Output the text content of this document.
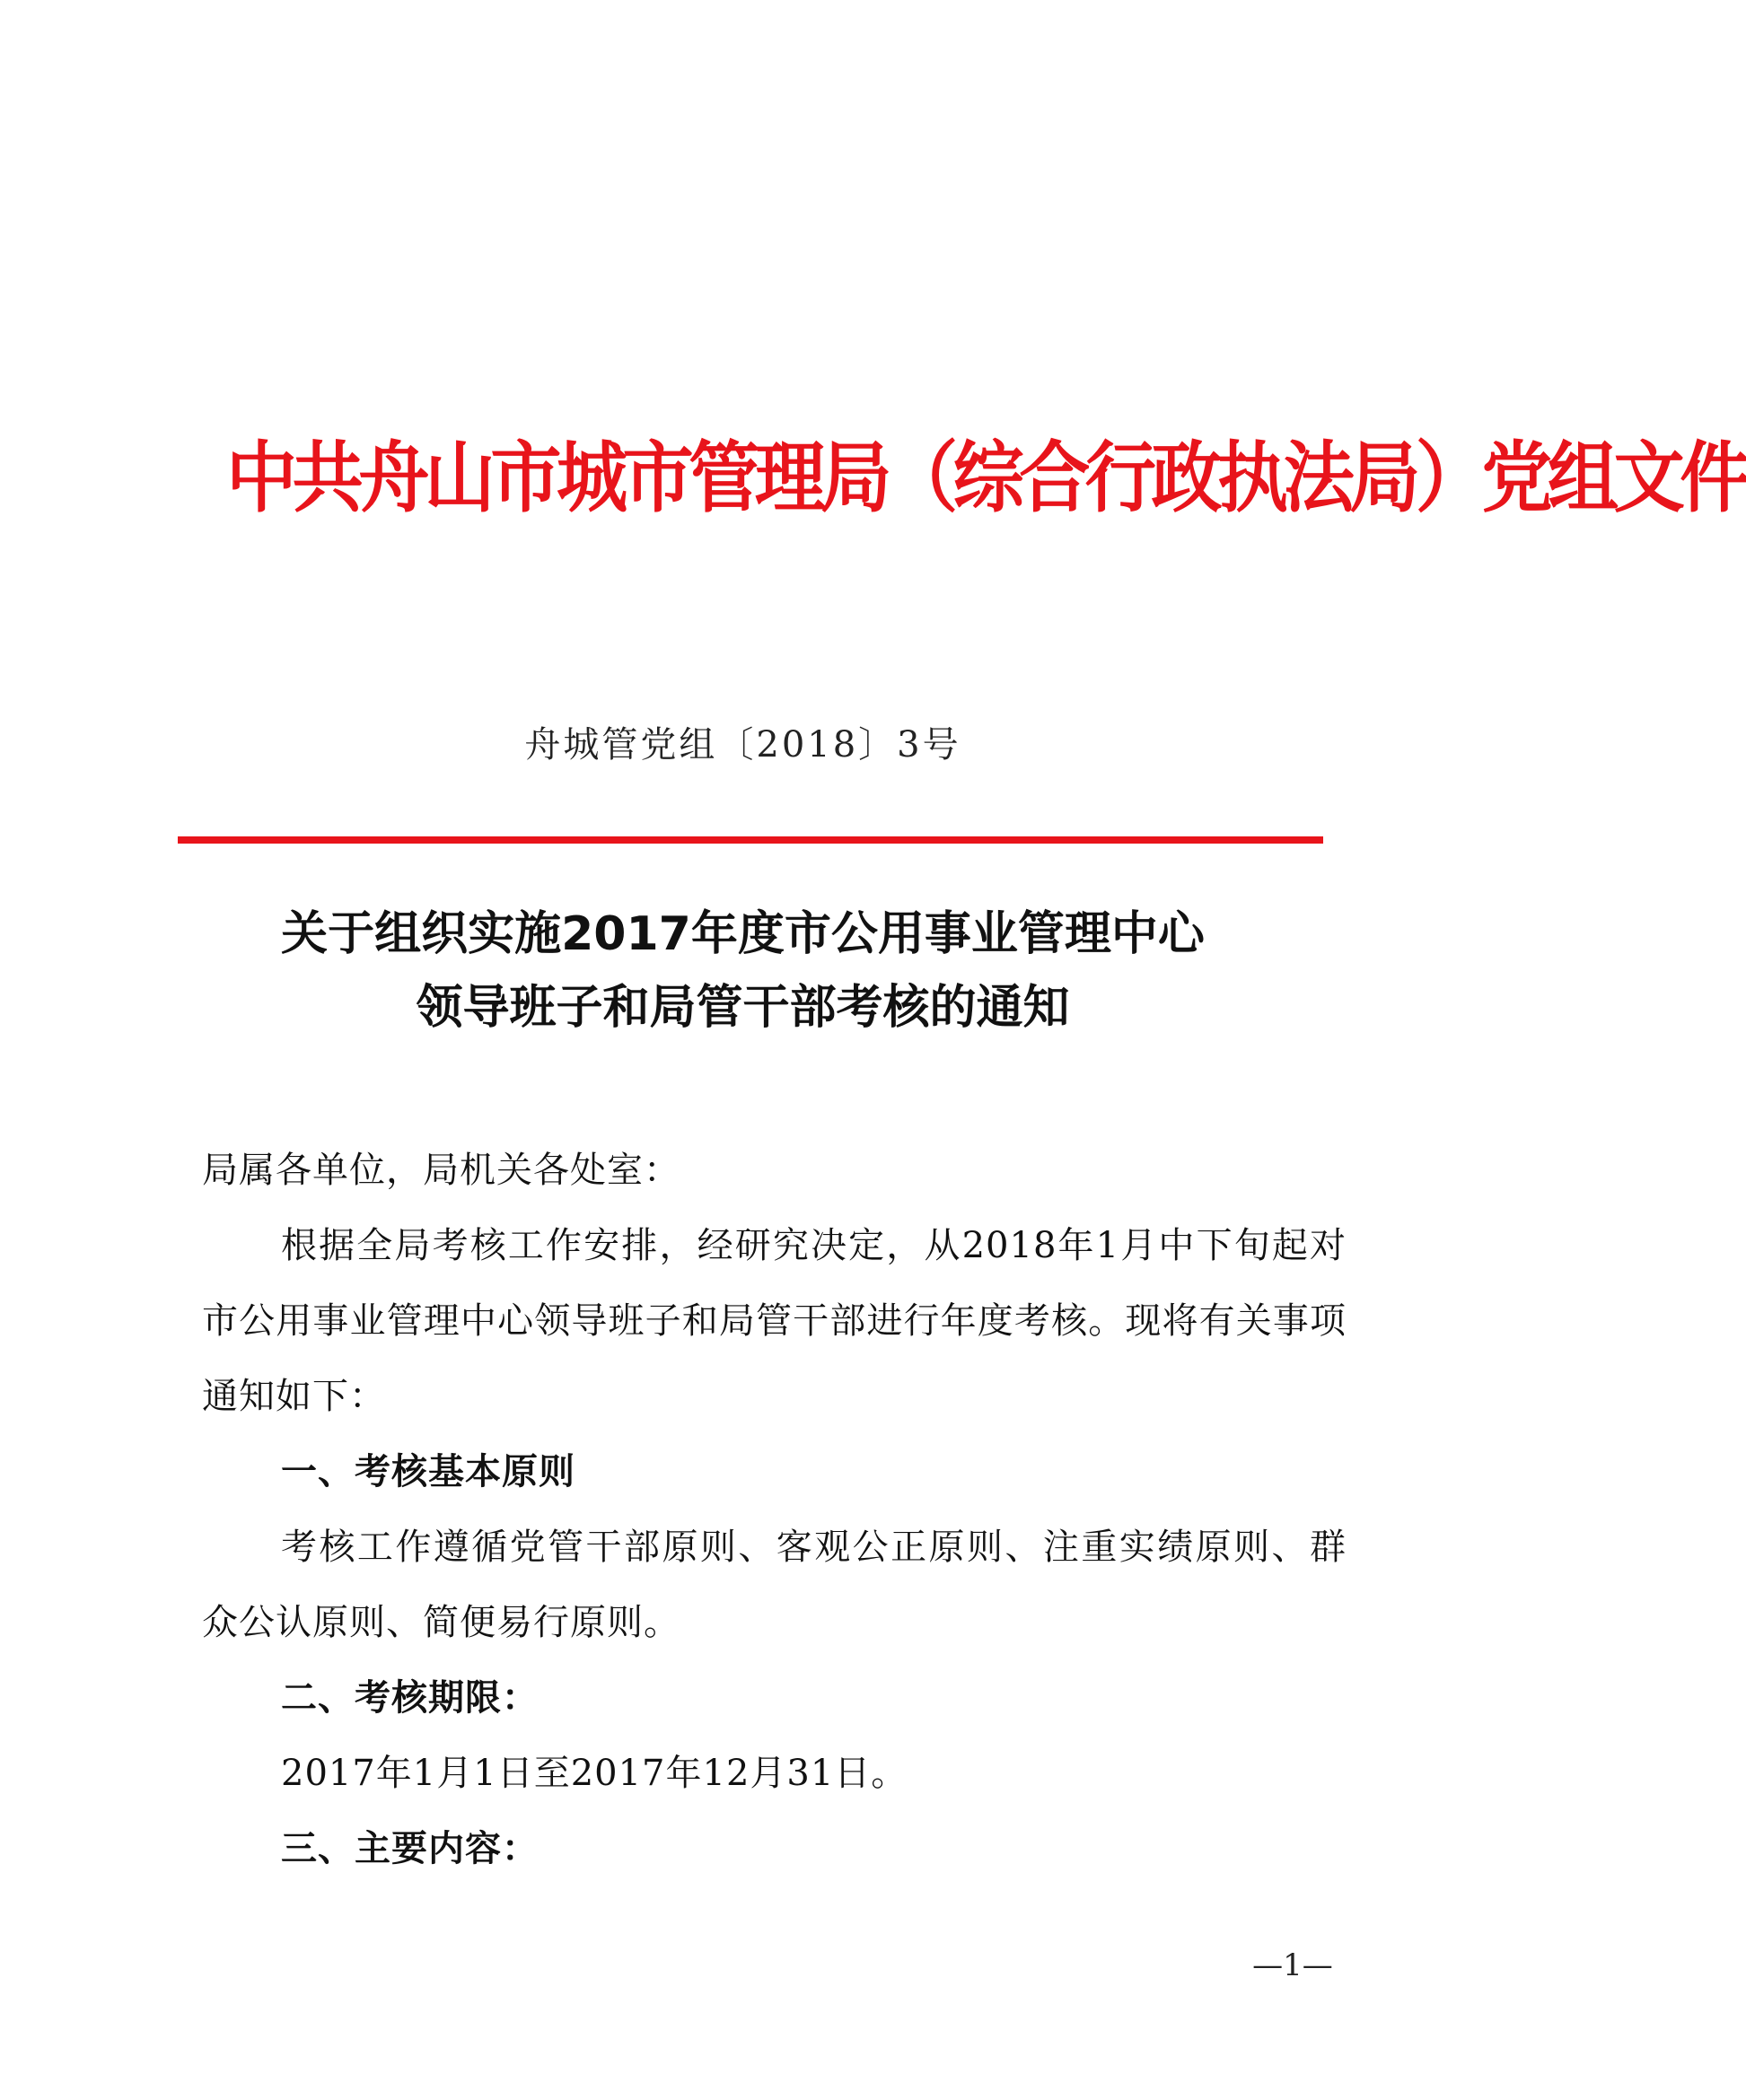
中共舟山市城市管理局（综合行政执法局）党组文件
舟城管党组〔2018〕3号
关于组织实施2017年度市公用事业管理中心
领导班子和局管干部考核的通知

局属各单位，局机关各处室：

根据全局考核工作安排，经研究决定，从2018年1月中下旬起对市公用事业管理中心领导班子和局管干部进行年度考核。现将有关事项通知如下：

一、考核基本原则

考核工作遵循党管干部原则、客观公正原则、注重实绩原则、群众公认原则、简便易行原则。

二、考核期限：

2017年1月1日至2017年12月31日。

三、主要内容：

—1—
